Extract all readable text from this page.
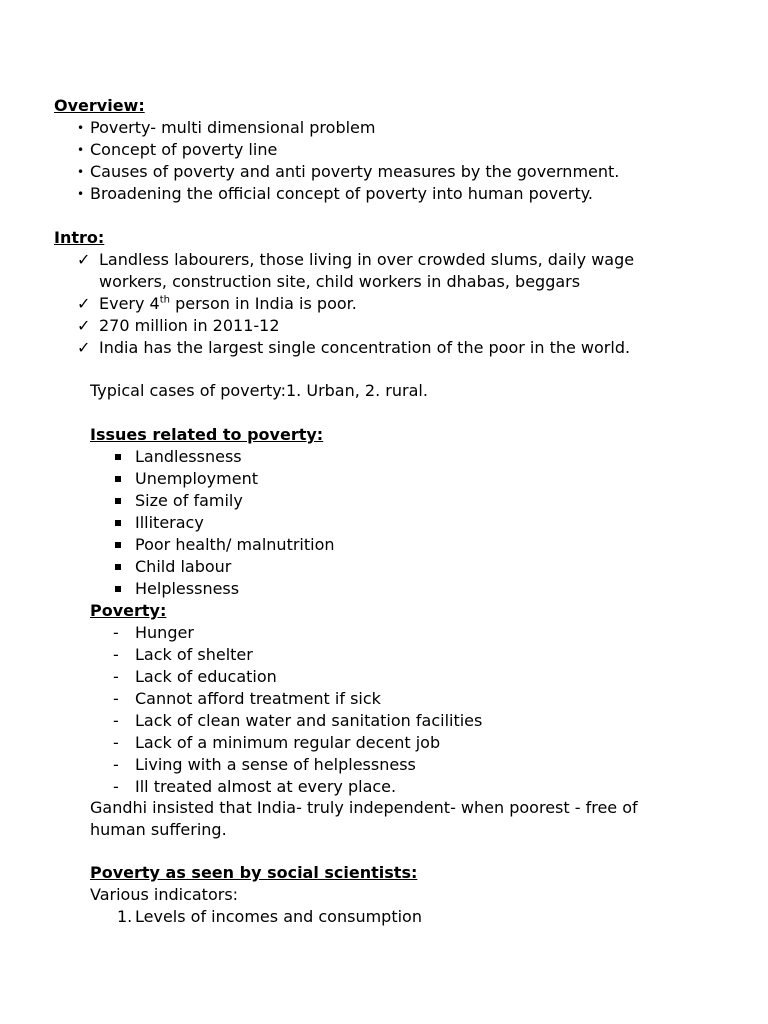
Overview:
• Poverty- multi dimensional problem
• Concept of poverty line
• Causes of poverty and anti poverty measures by the government.
• Broadening the official concept of poverty into human poverty.
Intro:
✓ Landless labourers, those living in over crowded slums, daily wage
workers, construction site, child workers in dhabas, beggars
✓ Every 4th person in India is poor.
✓ 270 million in 2011-12
✓ India has the largest single concentration of the poor in the world.
Typical cases of poverty:1. Urban, 2. rural.
Issues related to poverty:
Landlessness
Unemployment
Size of family
Illiteracy
Poor health/ malnutrition
Child labour
Helplessness
Poverty:
- Hunger
- Lack of shelter
- Lack of education
- Cannot afford treatment if sick
- Lack of clean water and sanitation facilities
- Lack of a minimum regular decent job
- Living with a sense of helplessness
- Ill treated almost at every place.
Gandhi insisted that India- truly independent- when poorest - free of
human suffering.
Poverty as seen by social scientists:
Various indicators:
1. Levels of incomes and consumption
